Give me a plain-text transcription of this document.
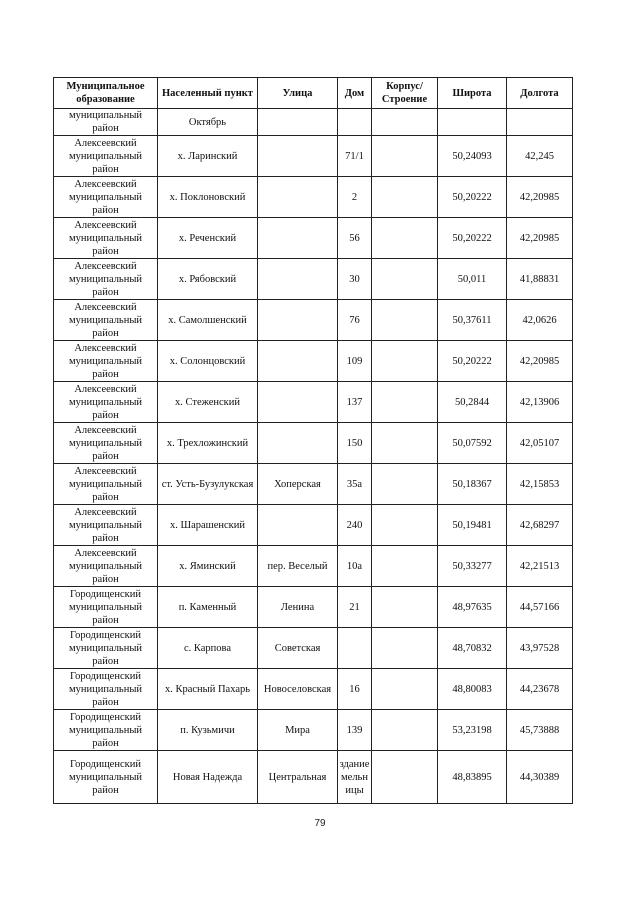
Муниципальное образование	Населенный пункт	Улица	Дом	Корпус/ Строение	Широта	Долгота
муниципальный район	Октябрь					
Алексеевский муниципальный район	х. Ларинский		71/1		50,24093	42,245
Алексеевский муниципальный район	х. Поклоновский		2		50,20222	42,20985
Алексеевский муниципальный район	х. Реченский		56		50,20222	42,20985
Алексеевский муниципальный район	х. Рябовский		30		50,011	41,88831
Алексеевский муниципальный район	х. Самолшенский		76		50,37611	42,0626
Алексеевский муниципальный район	х. Солонцовский		109		50,20222	42,20985
Алексеевский муниципальный район	х. Стеженский		137		50,2844	42,13906
Алексеевский муниципальный район	х. Трехложинский		150		50,07592	42,05107
Алексеевский муниципальный район	ст. Усть-Бузулукская	Хоперская	35а		50,18367	42,15853
Алексеевский муниципальный район	х. Шарашенский		240		50,19481	42,68297
Алексеевский муниципальный район	х. Яминский	пер. Веселый	10а		50,33277	42,21513
Городищенский муниципальный район	п. Каменный	Ленина	21		48,97635	44,57166
Городищенский муниципальный район	с. Карпова	Советская			48,70832	43,97528
Городищенский муниципальный район	х. Красный Пахарь	Новоселовская	16		48,80083	44,23678
Городищенский муниципальный район	п. Кузьмичи	Мира	139		53,23198	45,73888
Городищенский муниципальный район	Новая Надежда	Центральная	здание мельницы		48,83895	44,30389
79
